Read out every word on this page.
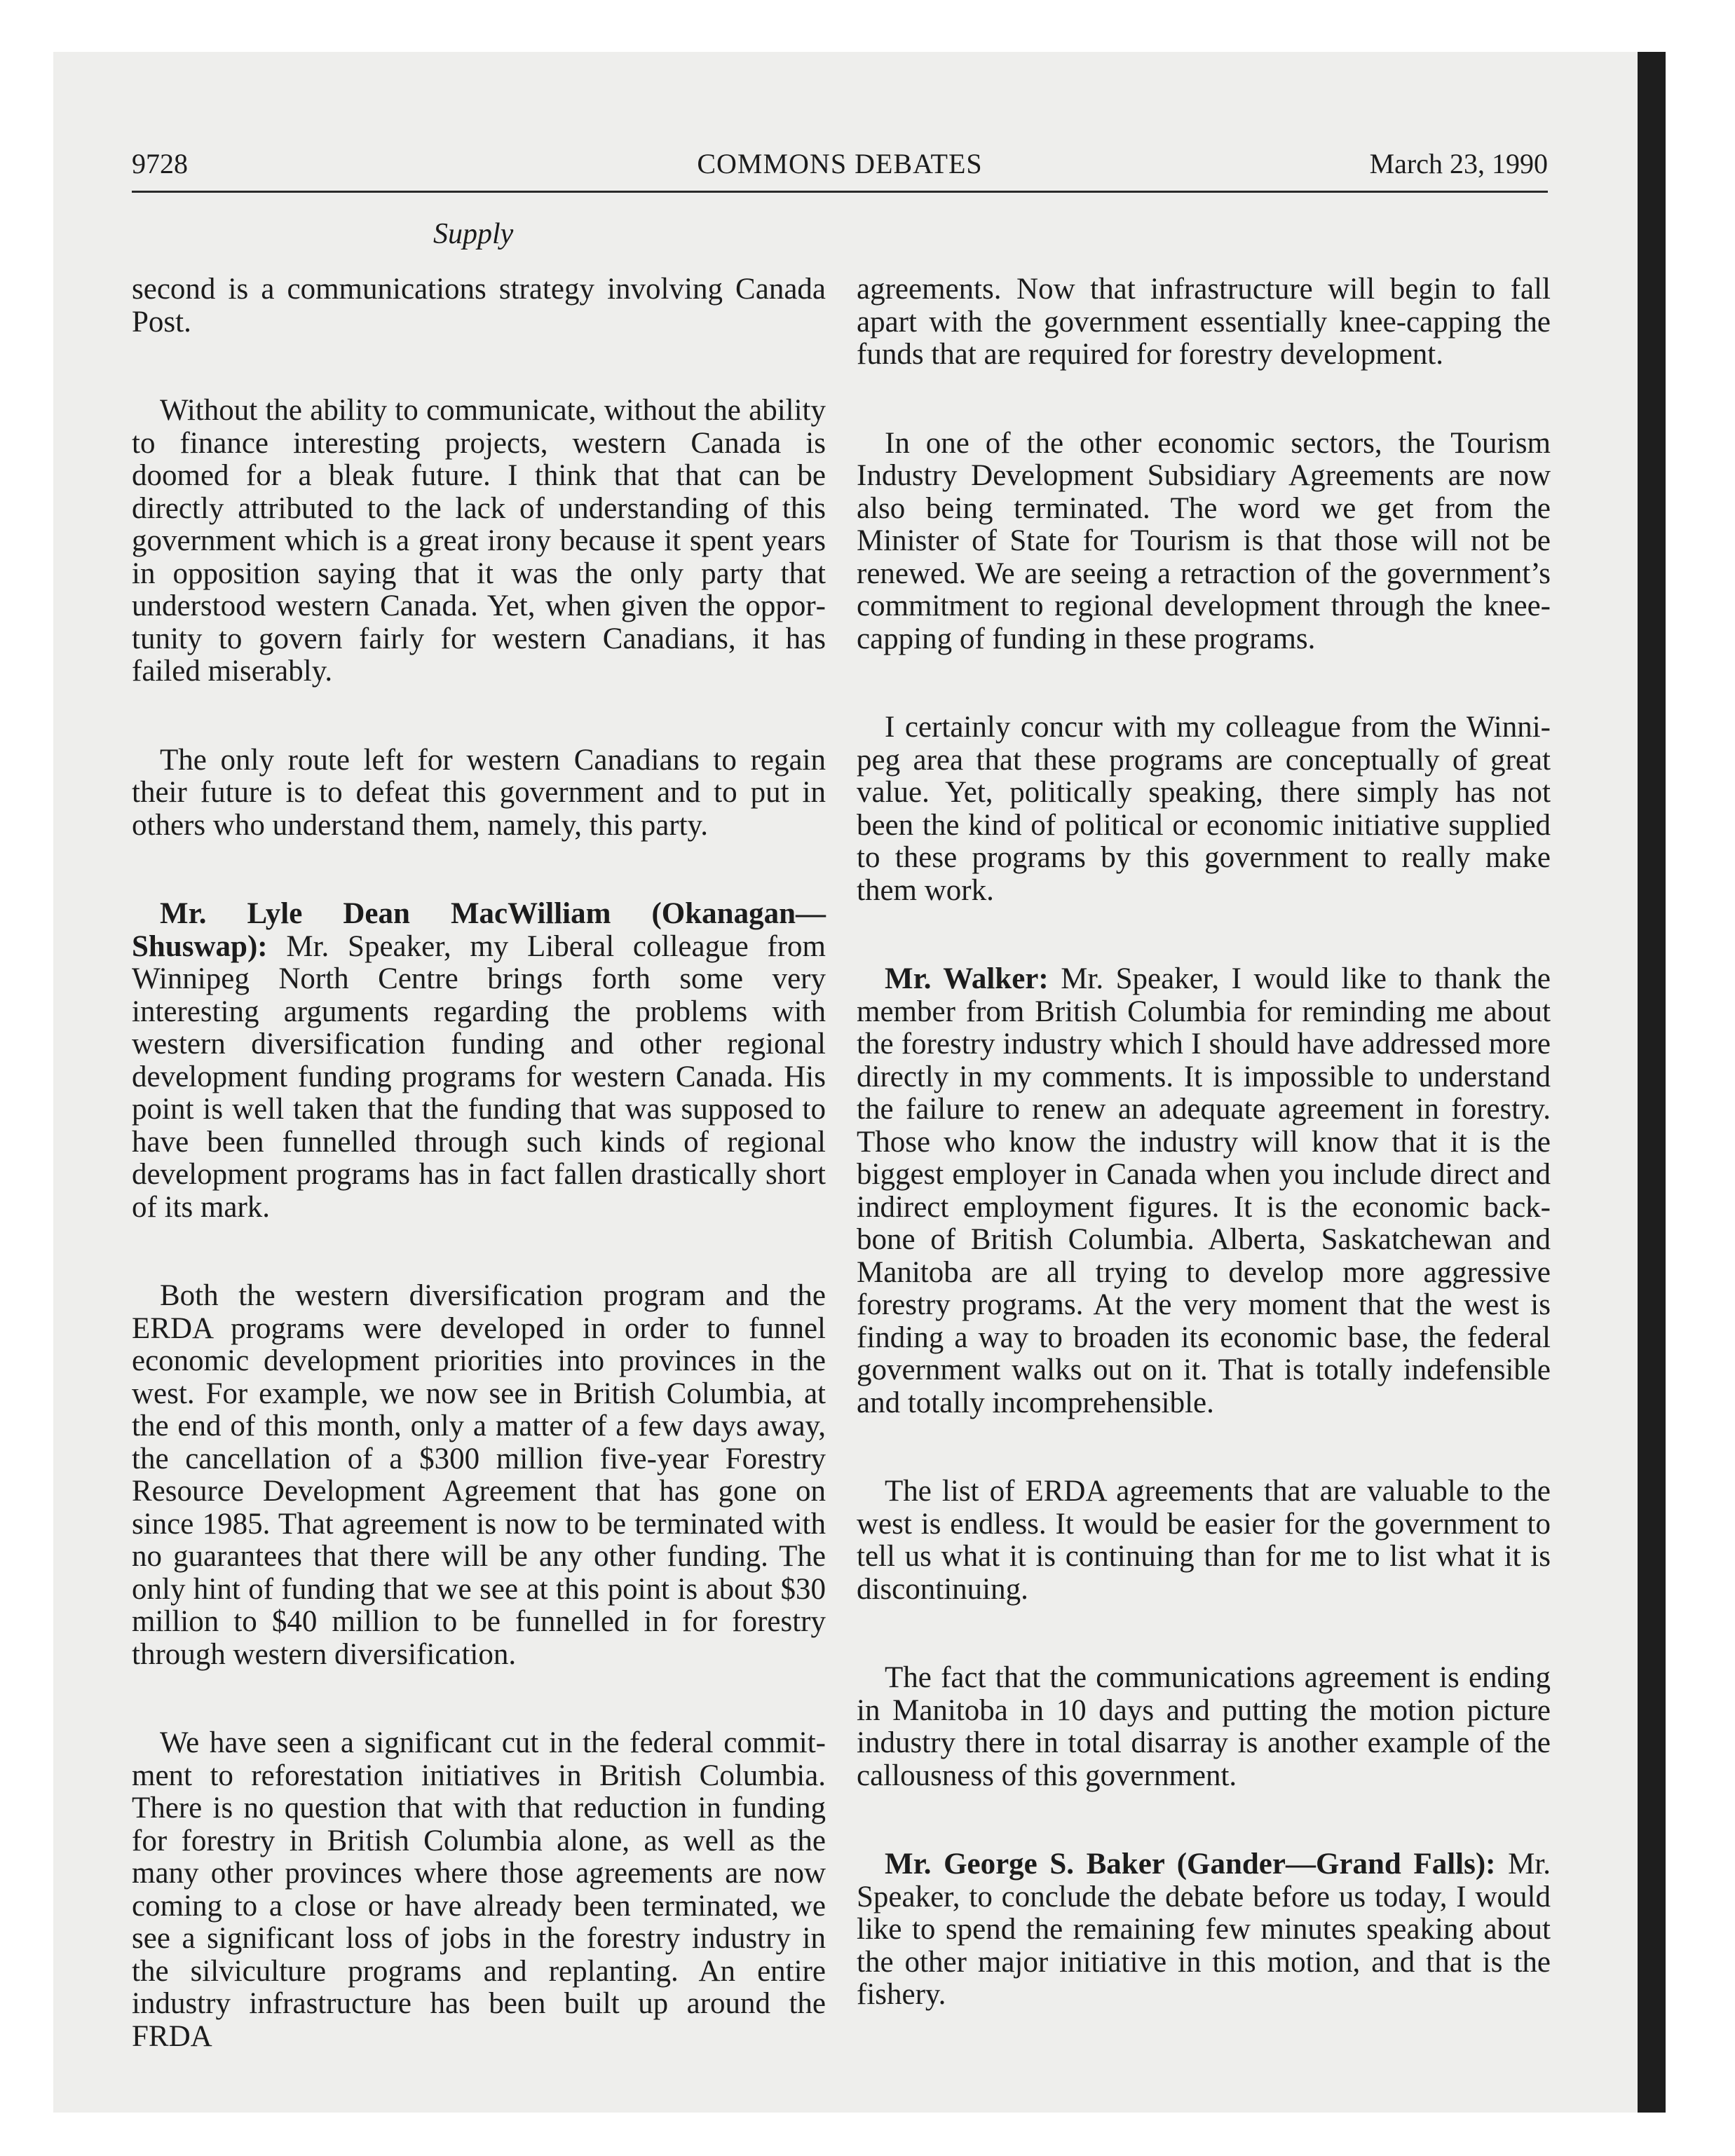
9728	COMMONS DEBATES	March 23, 1990
Supply

second is a communications strategy involving Canada Post.

Without the ability to communicate, without the ability to finance interesting projects, western Canada is doomed for a bleak future. I think that that can be directly attributed to the lack of understanding of this government which is a great irony because it spent years in opposition saying that it was the only party that understood western Canada. Yet, when given the opportunity to govern fairly for western Canadians, it has failed miserably.

The only route left for western Canadians to regain their future is to defeat this government and to put in others who understand them, namely, this party.

Mr. Lyle Dean MacWilliam (Okanagan—Shuswap): Mr. Speaker, my Liberal colleague from Winnipeg North Centre brings forth some very interesting arguments regarding the problems with western diversification funding and other regional development funding programs for western Canada. His point is well taken that the funding that was supposed to have been funnelled through such kinds of regional development programs has in fact fallen drastically short of its mark.

Both the western diversification program and the ERDA programs were developed in order to funnel economic development priorities into provinces in the west. For example, we now see in British Columbia, at the end of this month, only a matter of a few days away, the cancellation of a $300 million five-year Forestry Resource Development Agreement that has gone on since 1985. That agreement is now to be terminated with no guarantees that there will be any other funding. The only hint of funding that we see at this point is about $30 million to $40 million to be funnelled in for forestry through western diversification.

We have seen a significant cut in the federal commitment to reforestation initiatives in British Columbia. There is no question that with that reduction in funding for forestry in British Columbia alone, as well as the many other provinces where those agreements are now coming to a close or have already been terminated, we see a significant loss of jobs in the forestry industry in the silviculture programs and replanting. An entire industry infrastructure has been built up around the FRDA

agreements. Now that infrastructure will begin to fall apart with the government essentially knee-capping the funds that are required for forestry development.

In one of the other economic sectors, the Tourism Industry Development Subsidiary Agreements are now also being terminated. The word we get from the Minister of State for Tourism is that those will not be renewed. We are seeing a retraction of the government’s commitment to regional development through the kneecapping of funding in these programs.

I certainly concur with my colleague from the Winnipeg area that these programs are conceptually of great value. Yet, politically speaking, there simply has not been the kind of political or economic initiative supplied to these programs by this government to really make them work.

Mr. Walker: Mr. Speaker, I would like to thank the member from British Columbia for reminding me about the forestry industry which I should have addressed more directly in my comments. It is impossible to understand the failure to renew an adequate agreement in forestry. Those who know the industry will know that it is the biggest employer in Canada when you include direct and indirect employment figures. It is the economic backbone of British Columbia. Alberta, Saskatchewan and Manitoba are all trying to develop more aggressive forestry programs. At the very moment that the west is finding a way to broaden its economic base, the federal government walks out on it. That is totally indefensible and totally incomprehensible.

The list of ERDA agreements that are valuable to the west is endless. It would be easier for the government to tell us what it is continuing than for me to list what it is discontinuing.

The fact that the communications agreement is ending in Manitoba in 10 days and putting the motion picture industry there in total disarray is another example of the callousness of this government.

Mr. George S. Baker (Gander—Grand Falls): Mr. Speaker, to conclude the debate before us today, I would like to spend the remaining few minutes speaking about the other major initiative in this motion, and that is the fishery.
